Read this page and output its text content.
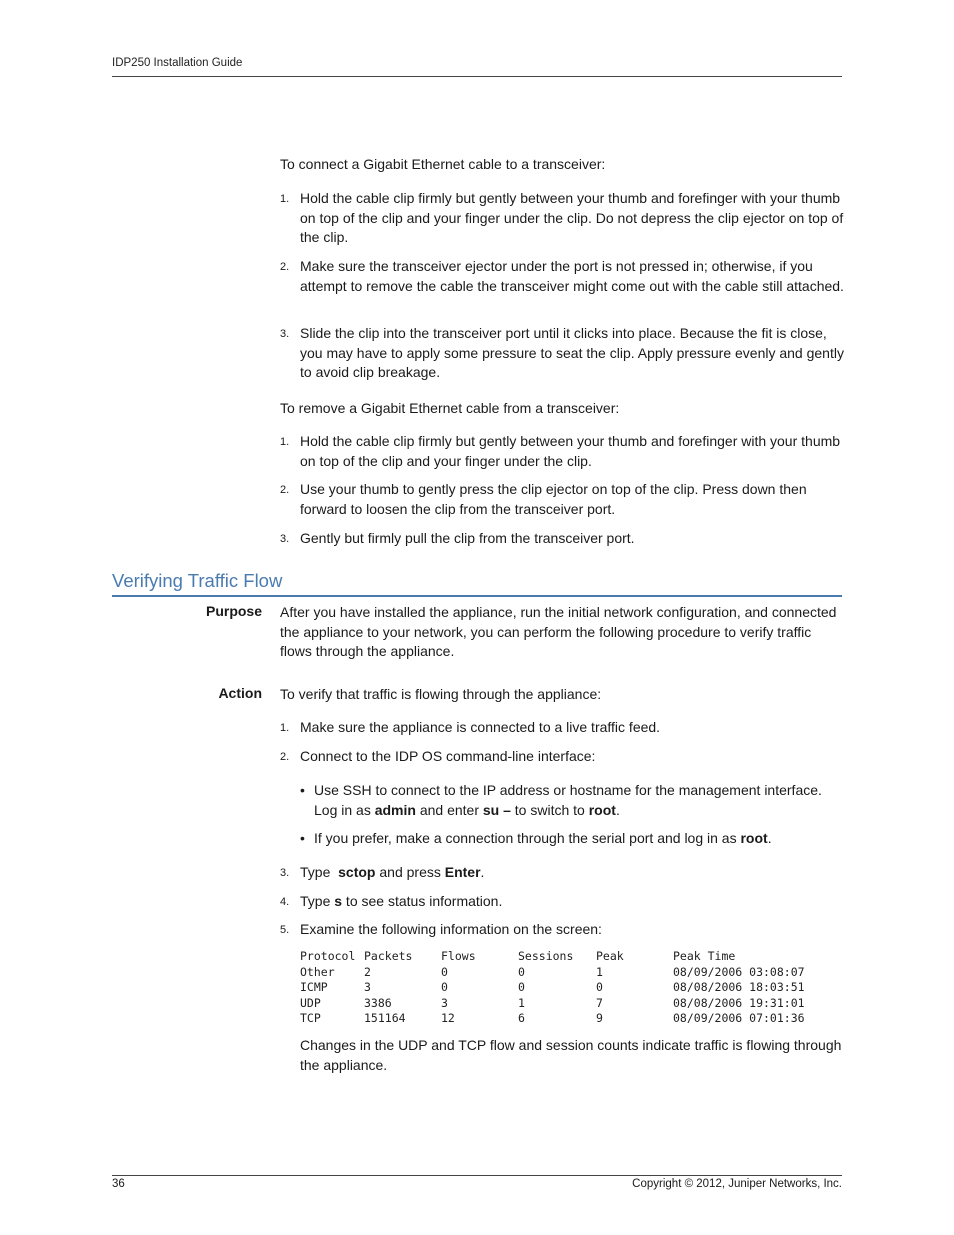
IDP250 Installation Guide
To connect a Gigabit Ethernet cable to a transceiver:
1. Hold the cable clip firmly but gently between your thumb and forefinger with your thumb on top of the clip and your finger under the clip. Do not depress the clip ejector on top of the clip.
2. Make sure the transceiver ejector under the port is not pressed in; otherwise, if you attempt to remove the cable the transceiver might come out with the cable still attached.
3. Slide the clip into the transceiver port until it clicks into place. Because the fit is close, you may have to apply some pressure to seat the clip. Apply pressure evenly and gently to avoid clip breakage.
To remove a Gigabit Ethernet cable from a transceiver:
1. Hold the cable clip firmly but gently between your thumb and forefinger with your thumb on top of the clip and your finger under the clip.
2. Use your thumb to gently press the clip ejector on top of the clip. Press down then forward to loosen the clip from the transceiver port.
3. Gently but firmly pull the clip from the transceiver port.
Verifying Traffic Flow
Purpose After you have installed the appliance, run the initial network configuration, and connected the appliance to your network, you can perform the following procedure to verify traffic flows through the appliance.
Action To verify that traffic is flowing through the appliance:
1. Make sure the appliance is connected to a live traffic feed.
2. Connect to the IDP OS command-line interface:
• Use SSH to connect to the IP address or hostname for the management interface. Log in as admin and enter su – to switch to root.
• If you prefer, make a connection through the serial port and log in as root.
3. Type  sctop and press Enter.
4. Type s to see status information.
5. Examine the following information on the screen:
Protocol	Packets	Flows	Sessions	Peak	Peak Time
Other	2	0	0	1	08/09/2006 03:08:07
ICMP	3	0	0	0	08/08/2006 18:03:51
UDP	3386	3	1	7	08/08/2006 19:31:01
TCP	151164	12	6	9	08/09/2006 07:01:36
Changes in the UDP and TCP flow and session counts indicate traffic is flowing through the appliance.
36	Copyright © 2012, Juniper Networks, Inc.
